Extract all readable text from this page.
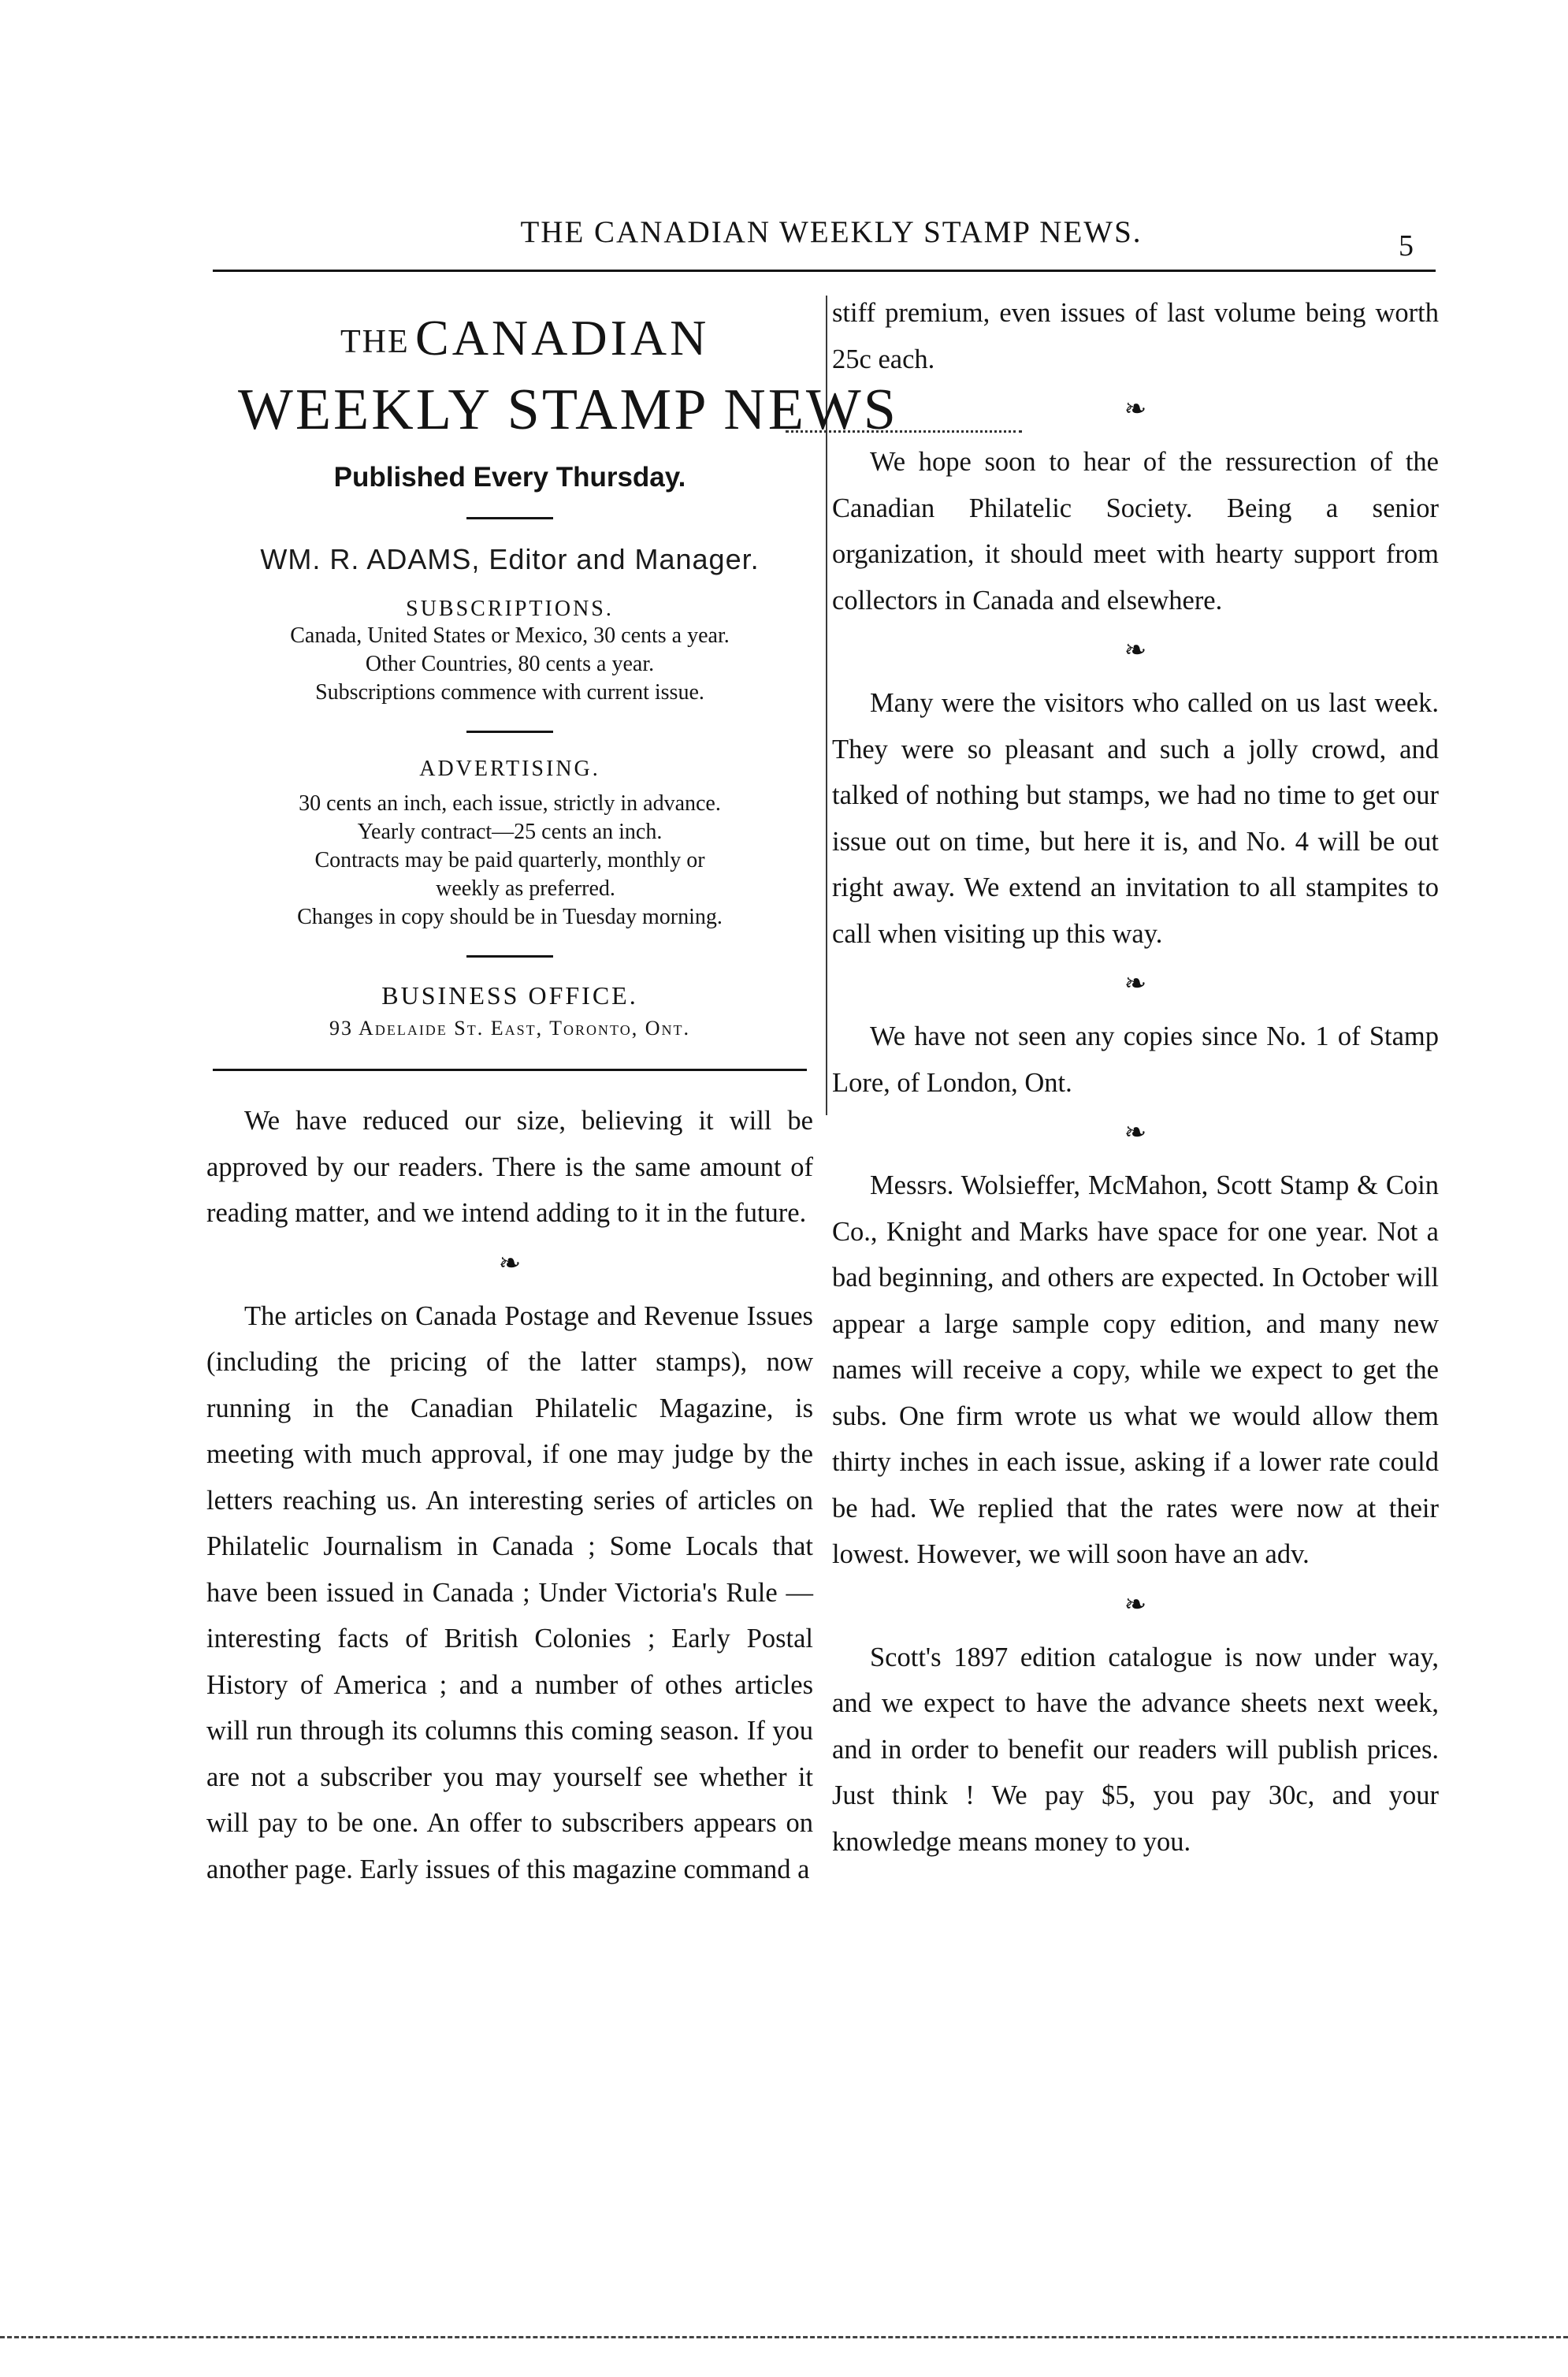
THE CANADIAN WEEKLY STAMP NEWS.	5
THE CANADIAN
WEEKLY STAMP NEWS
Published Every Thursday.
WM. R. ADAMS, Editor and Manager.
SUBSCRIPTIONS.
Canada, United States or Mexico, 30 cents a year.
Other Countries, 80 cents a year.
Subscriptions commence with current issue.
ADVERTISING.
30 cents an inch, each issue, strictly in advance.
Yearly contract—25 cents an inch.
Contracts may be paid quarterly, monthly or
weekly as preferred.
Changes in copy should be in Tuesday morning.
BUSINESS OFFICE.
93 Adelaide St. East, Toronto, Ont.

We have reduced our size, believing it will be approved by our readers. There is the same amount of reading matter, and we intend adding to it in the future.

❧

The articles on Canada Postage and Revenue Issues (including the pricing of the latter stamps), now running in the Canadian Philatelic Magazine, is meeting with much approval, if one may judge by the letters reaching us. An interesting series of articles on Philatelic Journalism in Canada ; Some Locals that have been issued in Canada ; Under Victoria's Rule —interesting facts of British Colonies ; Early Postal History of America ; and a number of othes articles will run through its columns this coming season. If you are not a subscriber you may yourself see whether it will pay to be one. An offer to subscribers appears on another page. Early issues of this magazine command a

stiff premium, even issues of last volume being worth 25c each.

❧

We hope soon to hear of the ressurection of the Canadian Philatelic Society. Being a senior organization, it should meet with hearty support from collectors in Canada and elsewhere.

❧

Many were the visitors who called on us last week. They were so pleasant and such a jolly crowd, and talked of nothing but stamps, we had no time to get our issue out on time, but here it is, and No. 4 will be out right away. We extend an invitation to all stampites to call when visiting up this way.

❧

We have not seen any copies since No. 1 of Stamp Lore, of London, Ont.

❧

Messrs. Wolsieffer, McMahon, Scott Stamp & Coin Co., Knight and Marks have space for one year. Not a bad beginning, and others are expected. In October will appear a large sample copy edition, and many new names will receive a copy, while we expect to get the subs. One firm wrote us what we would allow them thirty inches in each issue, asking if a lower rate could be had. We replied that the rates were now at their lowest. However, we will soon have an adv.

❧

Scott's 1897 edition catalogue is now under way, and we expect to have the advance sheets next week, and in order to benefit our readers will publish prices. Just think ! We pay $5, you pay 30c, and your knowledge means money to you.
